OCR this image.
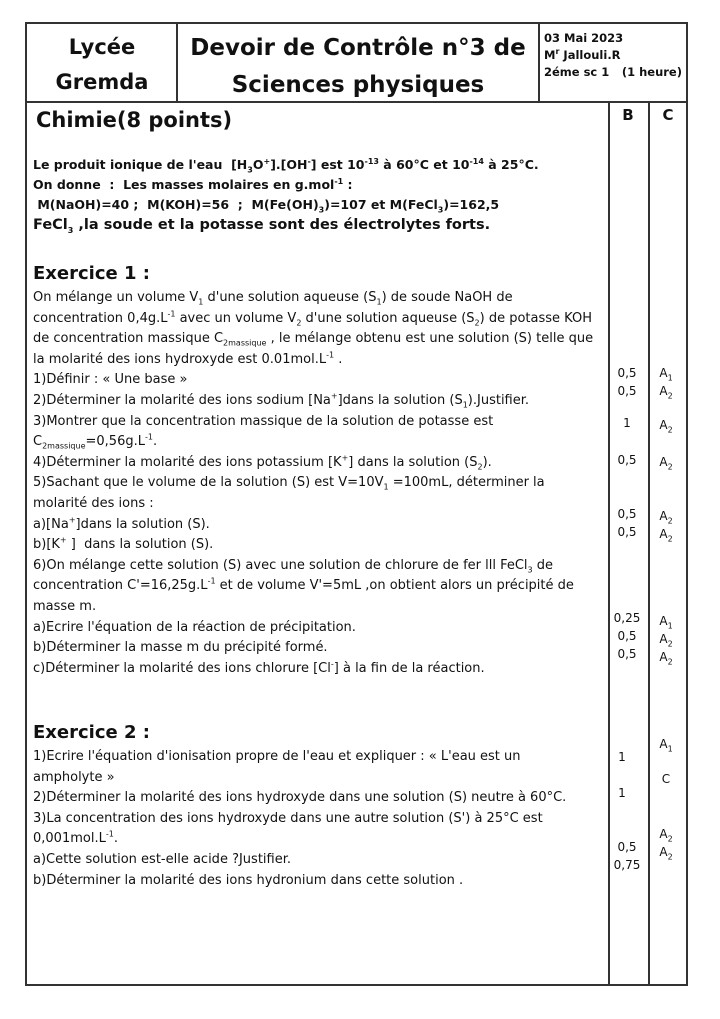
Lycée
Gremda
Devoir de Contrôle n°3 de
Sciences physiques
03 Mai 2023
$M^r$ Jallouli.R
2éme sc 1 (1 heure)
Chimie(8 points)	B	C
Le produit ionique de l'eau  $[H_3O^+].[OH^-]$ est $10^{-13}$ à 60°C et $10^{-14}$ à 25°C.
On donne  :  Les masses molaires en g.mol$^{-1}$ :
M(NaOH)=40 ;  M(KOH)=56  ;  $M(Fe(OH)_3)=107$ et M(FeCl$_3$)=162,5
FeCl$_3$ ,la soude et la potasse sont des électrolytes forts.
Exercice 1 :
On mélange un volume $V_1$ d'une solution aqueuse $(S_1)$ de soude NaOH de
concentration $0,4g.L^{-1}$ avec un volume $V_2$ d'une solution aqueuse $(S_2)$ de potasse KOH
de concentration massique $C_{2massique}$ , le mélange obtenu est une solution (S) telle que
la molarité des ions hydroxyde est $0.01mol.L^{-1}$ .
1)Définir : « Une base »
2)Déterminer la molarité des ions sodium [Na+]dans la solution $(S_1).Justifier$.
3)Montrer que la concentration massique de la solution de potasse est
$C_{2massique}=0,56g.L^{-1}$.
4)Déterminer la molarité des ions potassium [K+] dans la solution $(S_2)$.
5)Sachant que le volume de la solution (S) est $V=10V_1 =100mL$, déterminer la
molarité des ions :
a)[Na+]dans la solution (S).
b)[K+ ]  dans la solution (S).
6)On mélange cette solution (S) avec une solution de chlorure de fer lll FeCl$_3$ de
concentration $C'=16,25g.L^{-1}$ et de volume V'=5mL ,on obtient alors un précipité de
masse m.
a)Ecrire l'équation de la réaction de précipitation.
b)Déterminer la masse m du précipité formé.
c)Déterminer la molarité des ions chlorure [Cl-] à la fin de la réaction.
Exercice 2 :
1)Ecrire l'équation d'ionisation propre de l'eau et expliquer : « L'eau est un
ampholyte »
2)Déterminer la molarité des ions hydroxyde dans une solution (S) neutre à 60°C.
3)La concentration des ions hydroxyde dans une autre solution (S') à 25°C est
$0,001mol.L^{-1}$.
a)Cette solution est-elle acide ?Justifier.
b)Déterminer la molarité des ions hydronium dans cette solution .
0,5
0,5
1
0,5
0,5
0,5
0,25
0,5
0,5
1
1
0,5
0,75
$A_1$
$A_2$
$A_2$
$A_2$
$A_2$
$A_2$
$A_1$
$A_2$
$A_2$
$A_1$
C
$A_2$
$A_2$
